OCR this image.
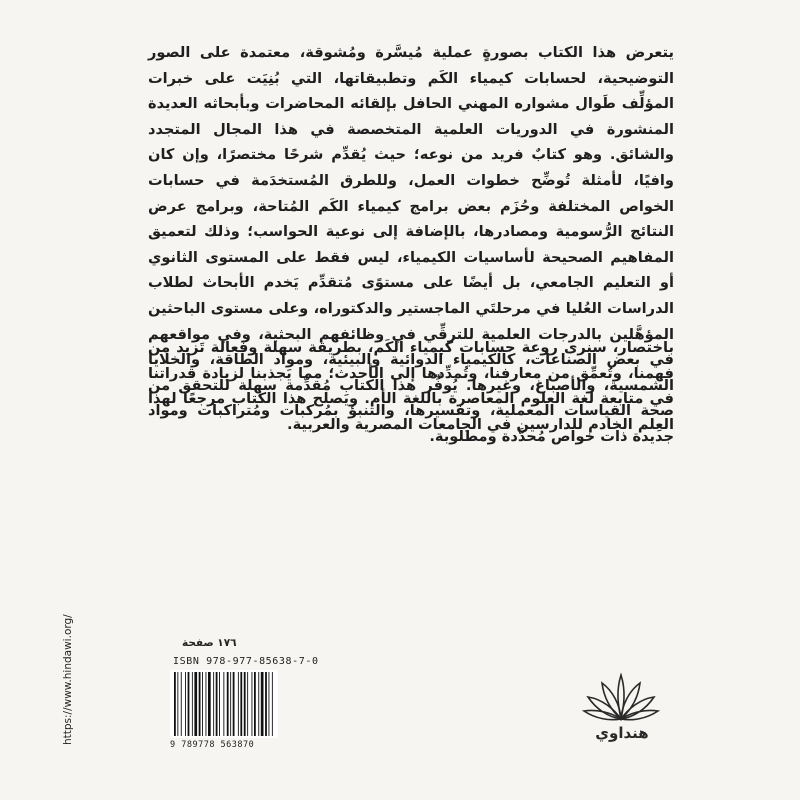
يتعرض هذا الكتاب بصورةٍ عملية مُيسَّرة ومُشوقة، معتمدة على الصور التوضيحية، لحسابات كيمياء الكَم وتطبيقاتها، التي بُنِيَت على خبرات المؤلِّف طَوال مشواره المهني الحافل بإلقائه المحاضرات وبأبحاثه العديدة المنشورة في الدوريات العلمية المتخصصة في هذا المجال المتجدد والشائق. وهو كتابٌ فريد من نوعه؛ حيث يُقدِّم شرحًا مختصرًا، وإن كان وافيًا، لأمثلة تُوضِّح خطوات العمل، وللطرق المُستخدَمة في حسابات الخواص المختلفة وحُزَم بعض برامج كيمياء الكَم المُتاحة، وبرامج عرض النتائج الرُّسومية ومصادرها، بالإضافة إلى نوعية الحواسب؛ وذلك لتعميق المفاهيم الصحيحة لأساسيات الكيمياء، ليس فقط على المستوى الثانوي أو التعليم الجامعي، بل أيضًا على مستوًى مُتقدِّم يَخدم الأبحاث لطلاب الدراسات العُليا في مرحلتَي الماجستير والدكتوراه، وعلى مستوى الباحثين المؤهَّلين بالدرجات العلمية للترقِّي في وظائفهم البحثية، وفي مواقعهم في بعض الصناعات، كالكيمياء الدوائية والبيئية، ومواد الطاقة، والخلايا الشمسية، والأصباغ، وغيرها. يُوفِّر هذا الكتاب مُقدِّمة سهلة للتحقق من صحة القياسات المعملية، وتفسيرها، والتنبؤ بمُركبات ومُتراكبات ومواد جديدة ذات خواص مُحدَّدة ومطلوبة.

باختصار، سنرى روعة حسابات كيمياء الكَم، بطريقة سهلة وفعالة تَزيد من فهمنا، وتُعمِّق من معارفنا، وتُمدِّدها إلى الأحدث؛ مما يَجذبنا لزيادة قدراتنا في متابعة لغة العلوم المعاصرة باللغة الأم. ويَصلح هذا الكتاب مرجعًا لهذا العِلم الخادم للدارسين في الجامعات المصرية والعربية.

https://www.hindawi.org/	١٧٦ صفحة
ISBN 978-977-85638-7-0
9 789778 563870
هنداوي
